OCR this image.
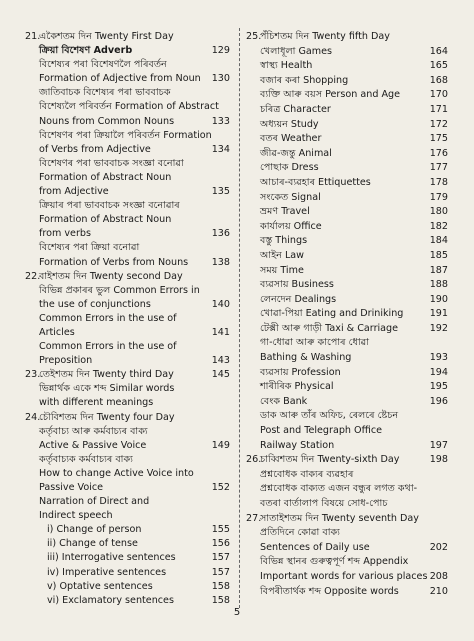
21.
একৈশতম দিন Twenty First Day
ক্ৰিয়া বিশেষণ Adverb	129
বিশেষ্যৰ পৰা বিশেষণলৈ পৰিবৰ্তন
Formation of Adjective from Noun 130
জাতিবাচক বিশেষ্যৰ পৰা ভাববাচক
বিশেষ্যলৈ পৰিবৰ্তন Formation of Abstract
Nouns from Common Nouns	133
বিশেষণৰ পৰা ক্ৰিয়ালৈ পৰিবৰ্তন Formation
of Verbs from Adjective	134
বিশেষণৰ পৰা ভাববাচক সংজ্ঞা বনোৱা
Formation of Abstract Noun
from Adjective	135
ক্ৰিয়াৰ পৰা ভাববাচক সংজ্ঞা বনোৱাৰ
Formation of Abstract Noun
from verbs	136
বিশেষ্যৰ পৰা ক্ৰিয়া বনোৱা
Formation of Verbs from Nouns 138
22.
বাইশতম দিন Twenty second Day
বিভিন্ন প্ৰকাৰৰ ভুল Common Errors in
the use of conjunctions	140
Common Errors in the use of
Articles	141
Common Errors in the use of
Preposition	143
23.
তেইশতম দিন Twenty third Day	145
ভিন্নাৰ্থক একে শব্দ Similar words
with different meanings
24.
চৌবিশতম দিন Twenty four Day
কৰ্তৃবাচ্য আৰু কৰ্মবাচ্যৰ বাক্য
Active & Passive Voice	149
কৰ্তৃবাচ্যক কৰ্মবাচ্যৰ বাক্য
How to change Active Voice into
Passive Voice	152
Narration of Direct and
Indirect speech
i) Change of person	155
ii) Change of tense	156
iii) Interrogative sentences	157
iv) Imperative sentences	157
v) Optative sentences	158
vi) Exclamatory sentences	158
25.
পঁচিশতম দিন Twenty fifth Day
খেলাধূলা Games	164
স্বাস্থ্য Health	165
বজাৰ কৰা Shopping	168
ব্যক্তি আৰু বয়স Person and Age	170
চৰিত্ৰ Character	171
অধ্যয়ন Study	172
বতৰ Weather	175
জীৱ-জন্তু Animal	176
পোছাক Dress	177
আচাৰ-ব্যৱহাৰ Ettiquettes	178
সংকেত Signal	179
ভ্ৰমণ Travel	180
কাৰ্যালয় Office	182
বস্তু Things	184
আইন Law	185
সময় Time	187
ব্যৱসায় Business	188
লেনদেন Dealings	190
খোৱা-পিয়া Eating and Driniking	191
টেক্সী আৰু গাড়ী Taxi & Carriage	192
গা-ধোৱা আৰু কাপোৰ ধোৱা
Bathing & Washing	193
ব্যৱসায় Profession	194
শাৰীৰিক Physical	195
বেংক Bank	196
ডাক আৰু তাঁৰ অফিচ, ৰেলৰে ষ্টেচন
Post and Telegraph Office
Railway Station	197
26.
চাব্বিশতম দিন Twenty-sixth Day	198
প্ৰশ্নবোধক বাক্যৰ ব্যৱহাৰ
প্ৰশ্নবোধক বাক্যত এজন বন্ধুৰ লগত কথা-
বতৰা বাৰ্তালাপ বিষয়ে সোধ-পোচ
27.
সাতাইশতম দিন Twenty seventh Day
প্ৰতিদিনে কোৱা বাক্য
Sentences of Daily use	202
বিভিন্ন স্থানৰ গুৰুত্বপূৰ্ণ শব্দ Appendix
Important words for various places 208
বিপৰীতাৰ্থক শব্দ Opposite words	210
5
